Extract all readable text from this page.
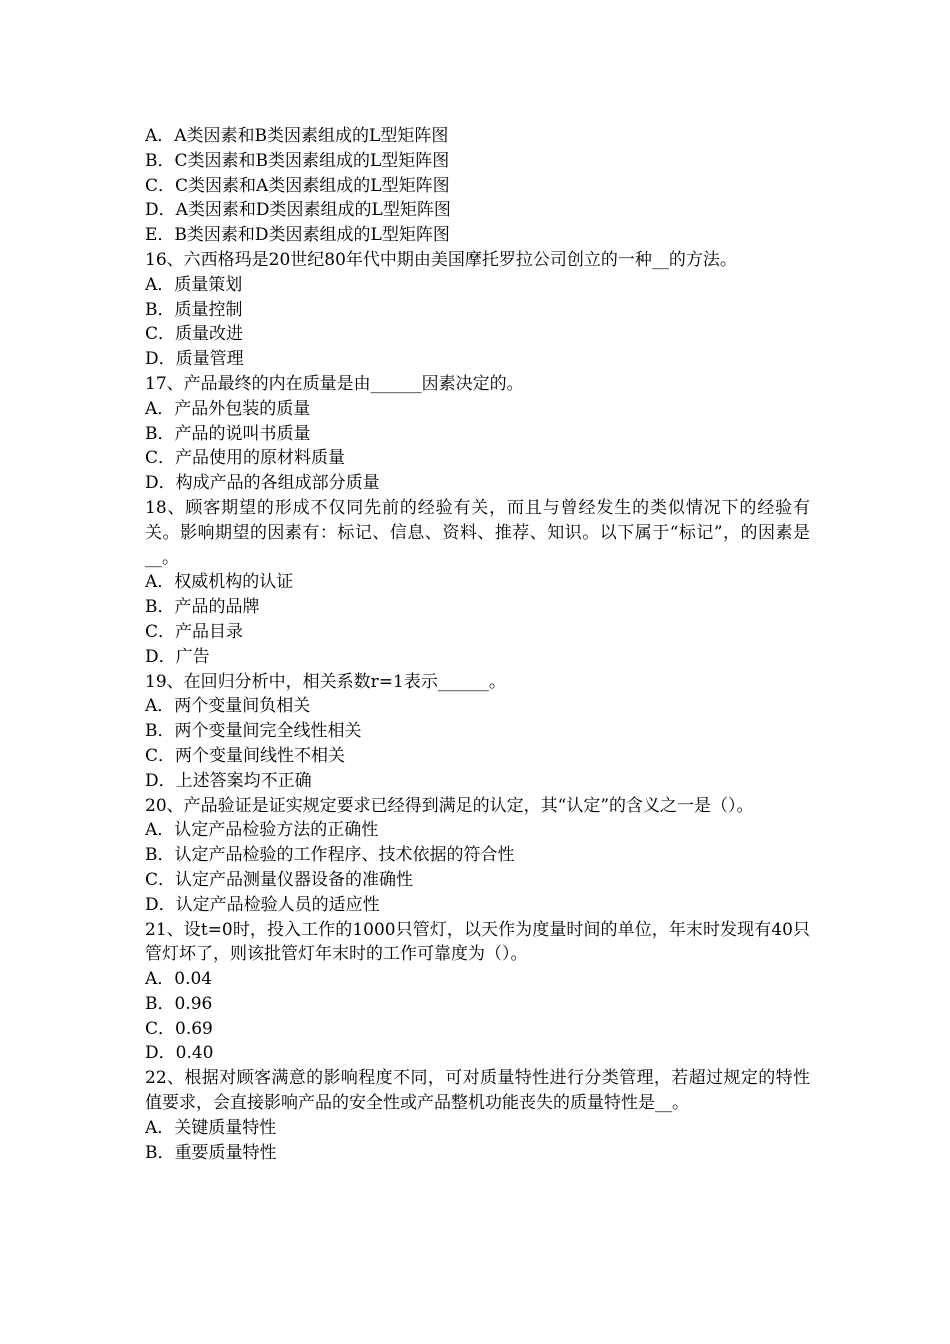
A．A类因素和B类因素组成的L型矩阵图
B．C类因素和B类因素组成的L型矩阵图
C．C类因素和A类因素组成的L型矩阵图
D．A类因素和D类因素组成的L型矩阵图
E．B类因素和D类因素组成的L型矩阵图
16、六西格玛是20世纪80年代中期由美国摩托罗拉公司创立的一种__的方法。
A．质量策划
B．质量控制
C．质量改进
D．质量管理
17、产品最终的内在质量是由______因素决定的。
A．产品外包装的质量
B．产品的说叫书质量
C．产品使用的原材料质量
D．构成产品的各组成部分质量
18、顾客期望的形成不仅同先前的经验有关，而且与曾经发生的类似情况下的经验有关。影响期望的因素有：标记、信息、资料、推荐、知识。以下属于“标记”，的因素是__。
A．权威机构的认证
B．产品的品牌
C．产品目录
D．广告
19、在回归分析中，相关系数r=1表示______。
A．两个变量间负相关
B．两个变量间完全线性相关
C．两个变量间线性不相关
D．上述答案均不正确
20、产品验证是证实规定要求已经得到满足的认定，其“认定”的含义之一是（）。
A．认定产品检验方法的正确性
B．认定产品检验的工作程序、技术依据的符合性
C．认定产品测量仪器设备的准确性
D．认定产品检验人员的适应性
21、设t=0时，投入工作的1000只管灯，以天作为度量时间的单位，年末时发现有40只管灯坏了，则该批管灯年末时的工作可靠度为（）。
A．0.04
B．0.96
C．0.69
D．0.40
22、根据对顾客满意的影响程度不同，可对质量特性进行分类管理，若超过规定的特性值要求，会直接影响产品的安全性或产品整机功能丧失的质量特性是__。
A．关键质量特性
B．重要质量特性
